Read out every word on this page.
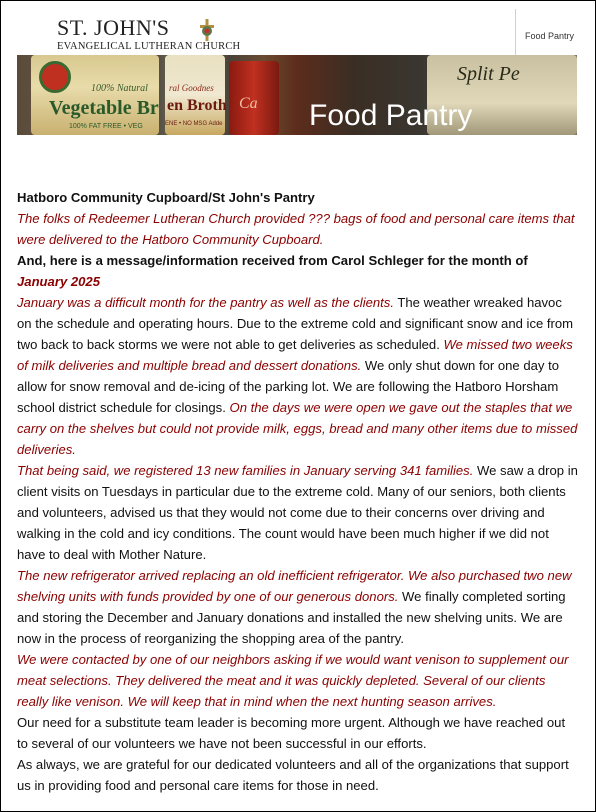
ST. JOHN'S
EVANGELICAL LUTHERAN CHURCH
Food Pantry
100% Natural
Vegetable Br
100% FAT FREE • VEG
ral Goodnes
en Broth
ENE • NO MSG Adde
Ca
Split Pe
Food Pantry

Hatboro Community Cupboard/St John's Pantry

The folks of Redeemer Lutheran Church provided ??? bags of food and personal care items that were delivered to the Hatboro Community Cupboard.

And, here is a message/information received from Carol Schleger for the month of

January 2025

January was a difficult month for the pantry as well as the clients. The weather wreaked havoc on the schedule and operating hours. Due to the extreme cold and significant snow and ice from two back to back storms we were not able to get deliveries as scheduled. We missed two weeks of milk deliveries and multiple bread and dessert donations. We only shut down for one day to allow for snow removal and de-icing of the parking lot. We are following the Hatboro Horsham school district schedule for closings. On the days we were open we gave out the staples that we carry on the shelves but could not provide milk, eggs, bread and many other items due to missed deliveries.

That being said, we registered 13 new families in January serving 341 families. We saw a drop in client visits on Tuesdays in particular due to the extreme cold. Many of our seniors, both clients and volunteers, advised us that they would not come due to their concerns over driving and walking in the cold and icy conditions. The count would have been much higher if we did not have to deal with Mother Nature.

The new refrigerator arrived replacing an old inefficient refrigerator. We also purchased two new shelving units with funds provided by one of our generous donors. We finally completed sorting and storing the December and January donations and installed the new shelving units. We are now in the process of reorganizing the shopping area of the pantry.

We were contacted by one of our neighbors asking if we would want venison to supplement our meat selections. They delivered the meat and it was quickly depleted. Several of our clients really like venison. We will keep that in mind when the next hunting season arrives.

Our need for a substitute team leader is becoming more urgent. Although we have reached out to several of our volunteers we have not been successful in our efforts.

As always, we are grateful for our dedicated volunteers and all of the organizations that support us in providing food and personal care items for those in need.
